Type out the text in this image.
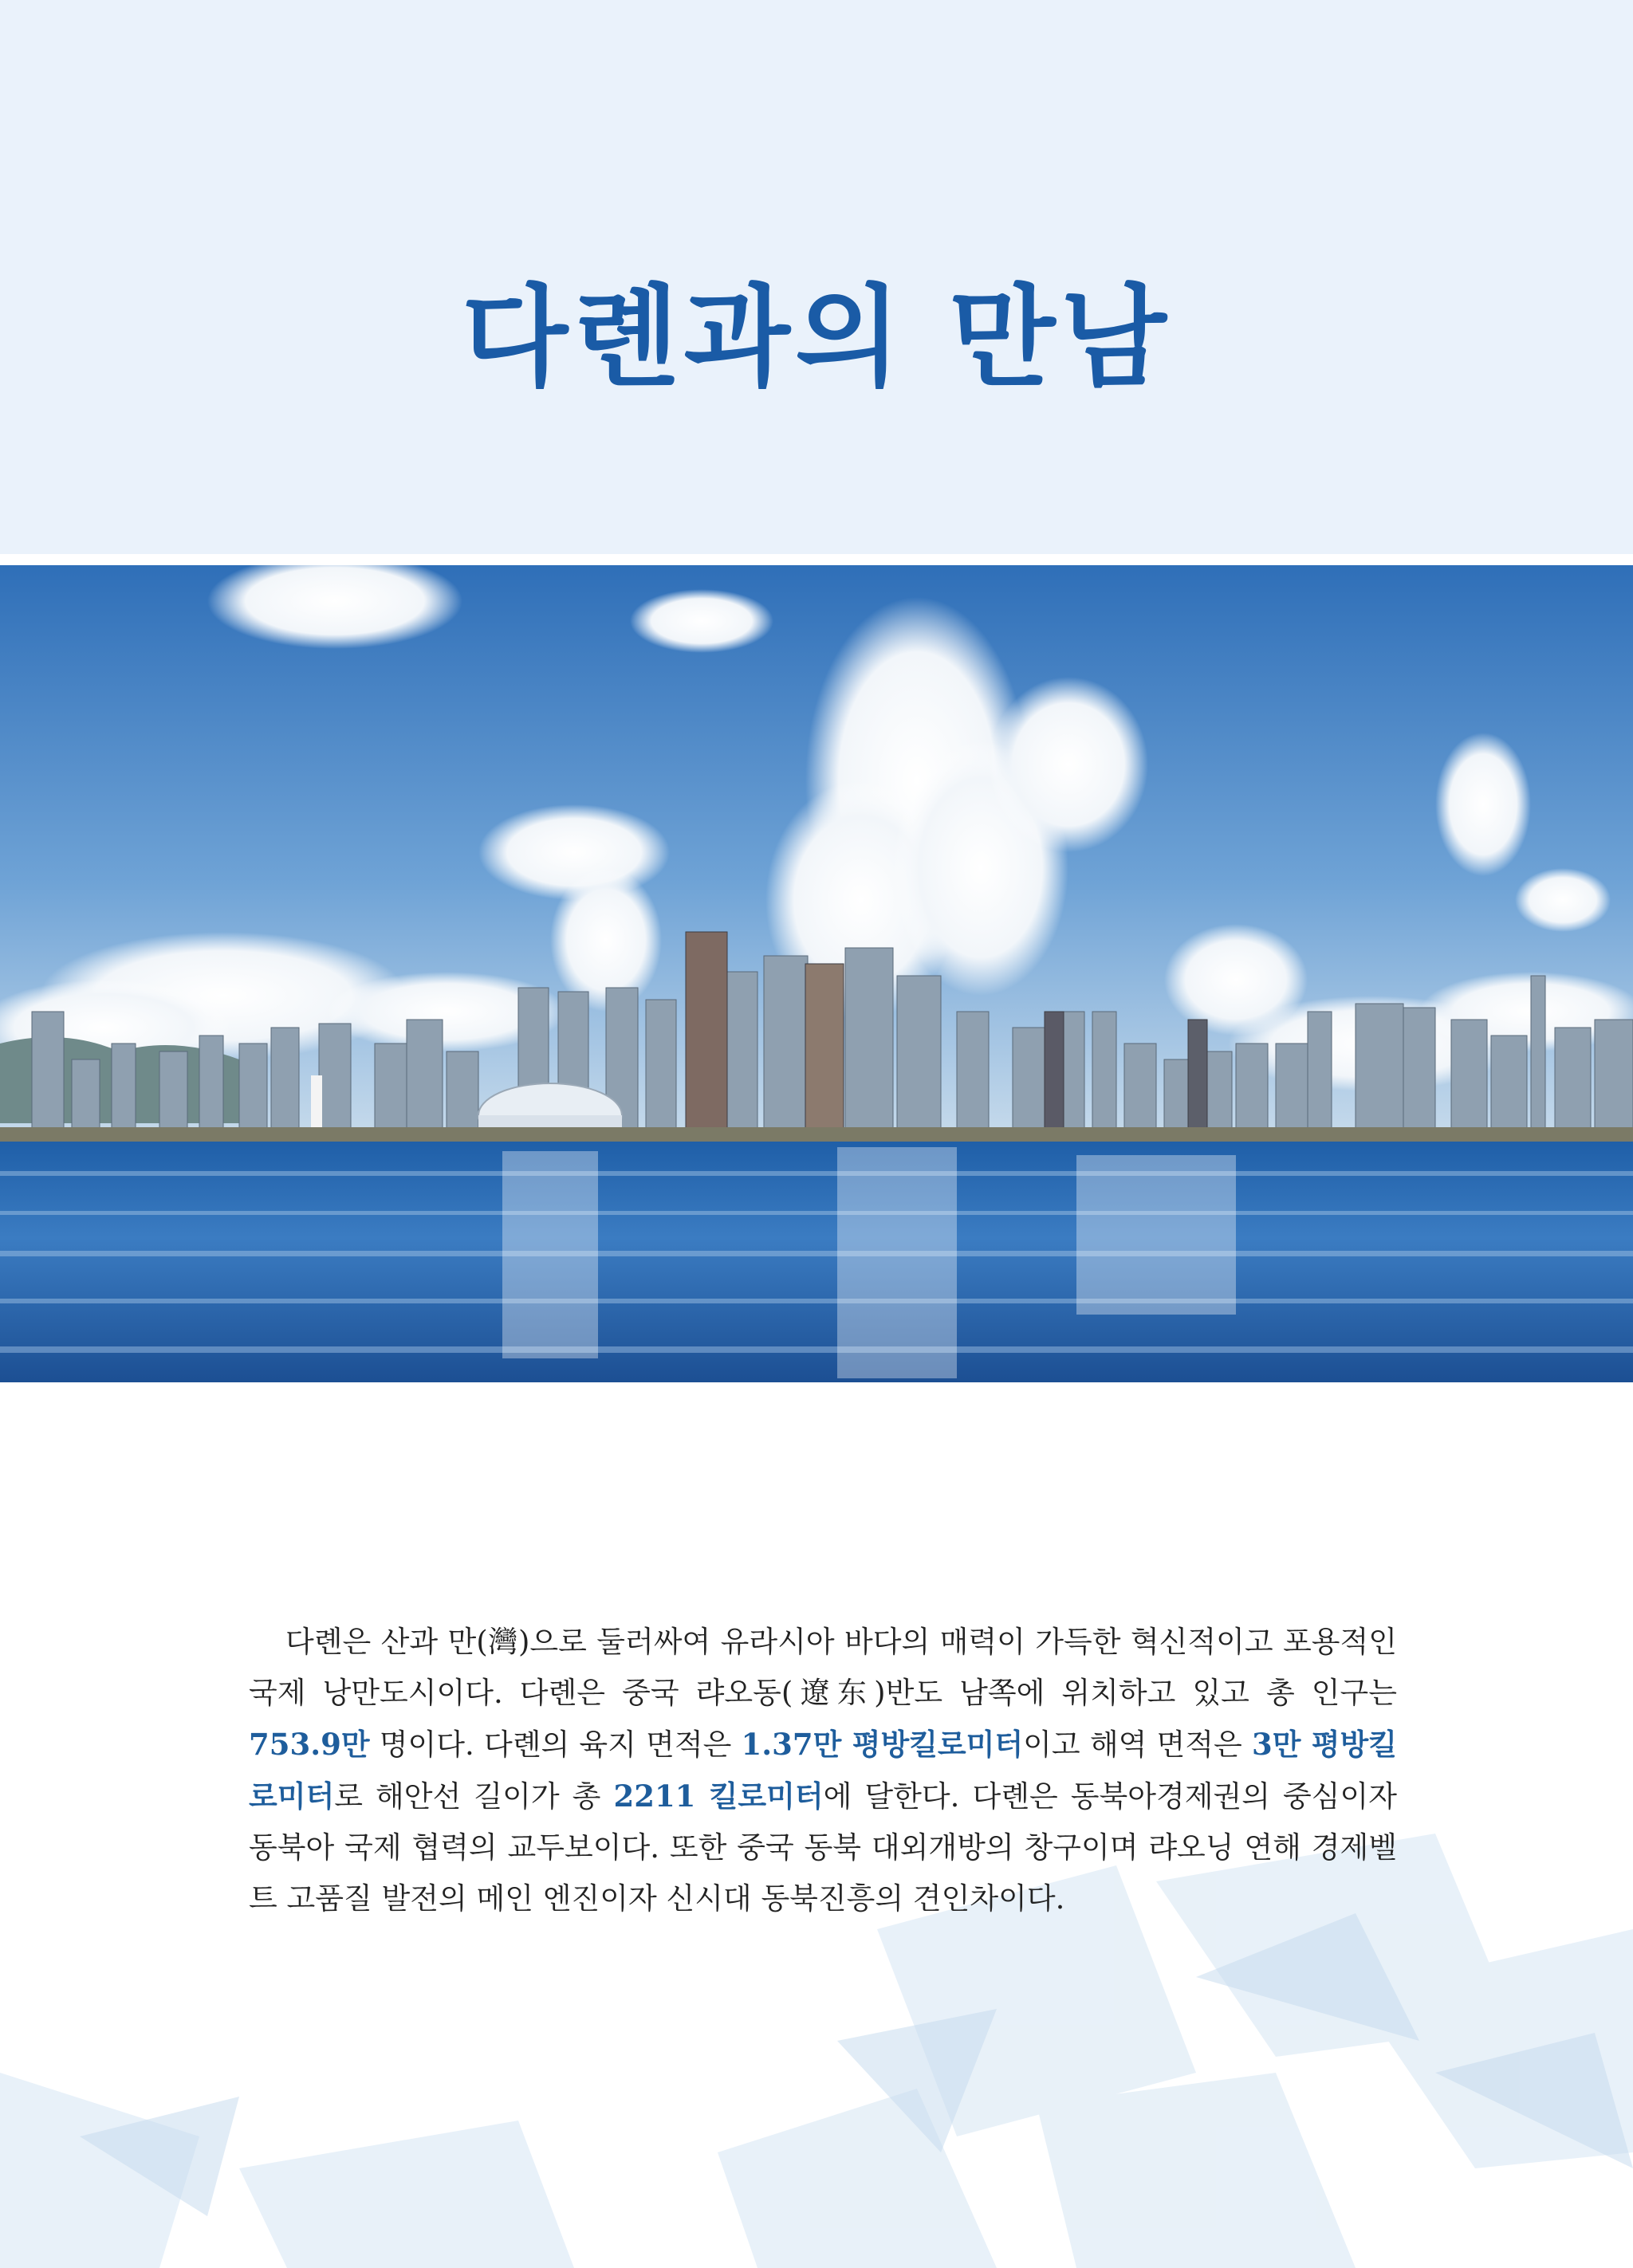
다롄과의 만남
다롄은 산과 만(灣)으로 둘러싸여 유라시아 바다의 매력이 가득한 혁신적이고 포용적인 국제 낭만도시이다. 다롄은 중국 랴오동(遼东)반도 남쪽에 위치하고 있고 총 인구는 753.9만 명이다. 다롄의 육지 면적은 1.37만 평방킬로미터이고 해역 면적은 3만 평방킬로미터로 해안선 길이가 총 2211 킬로미터에 달한다. 다롄은 동북아경제권의 중심이자 동북아 국제 협력의 교두보이다. 또한 중국 동북 대외개방의 창구이며 랴오닝 연해 경제벨트 고품질 발전의 메인 엔진이자 신시대 동북진흥의 견인차이다.
